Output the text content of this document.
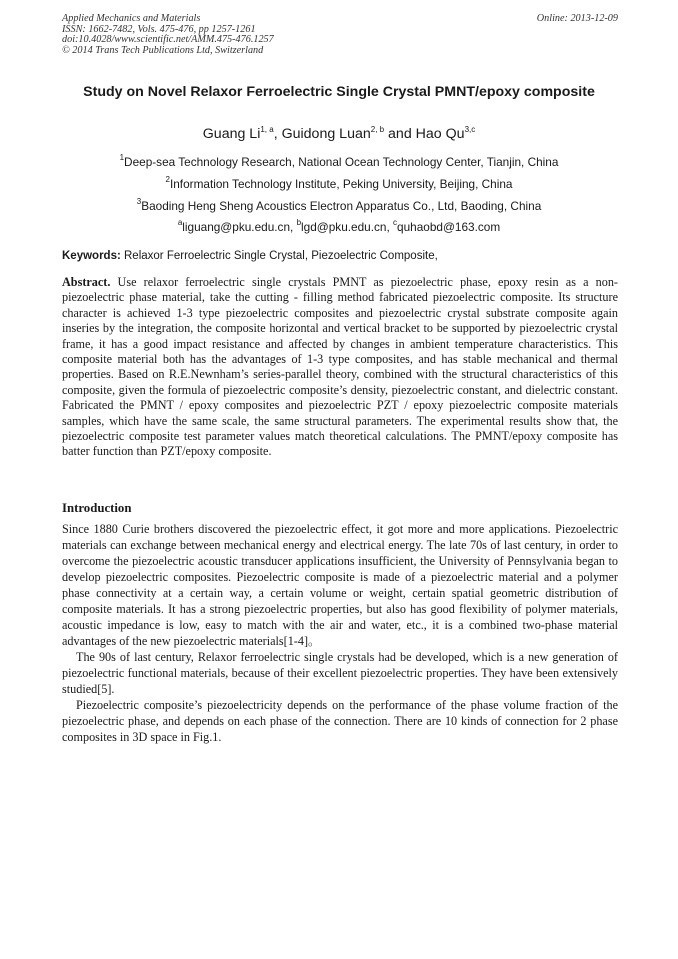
Applied Mechanics and Materials
ISSN: 1662-7482, Vols. 475-476, pp 1257-1261
doi:10.4028/www.scientific.net/AMM.475-476.1257
© 2014 Trans Tech Publications Ltd, Switzerland
Online: 2013-12-09
Study on Novel Relaxor Ferroelectric Single Crystal PMNT/epoxy composite
Guang Li$^{1, a}$, Guidong Luan$^{2, b}$ and Hao Qu$^{3,c}$
$^1$Deep-sea Technology Research, National Ocean Technology Center, Tianjin, China
$^2$Information Technology Institute, Peking University, Beijing, China
$^3$Baoding Heng Sheng Acoustics Electron Apparatus Co., Ltd, Baoding, China
$^a$liguang@pku.edu.cn, $^b$lgd@pku.edu.cn, $^c$quhaobd@163.com
Keywords: Relaxor Ferroelectric Single Crystal, Piezoelectric Composite,

Abstract. Use relaxor ferroelectric single crystals PMNT as piezoelectric phase, epoxy resin as a non-piezoelectric phase material, take the cutting - filling method fabricated piezoelectric composite. Its structure character is achieved 1-3 type piezoelectric composites and piezoelectric crystal substrate composite again inseries by the integration, the composite horizontal and vertical bracket to be supported by piezoelectric crystal frame, it has a good impact resistance and affected by changes in ambient temperature characteristics. This composite material both has the advantages of 1-3 type composites, and has stable mechanical and thermal properties. Based on R.E.Newnham’s series-parallel theory, combined with the structural characteristics of this composite, given the formula of piezoelectric composite’s density, piezoelectric constant, and dielectric constant. Fabricated the PMNT / epoxy composites and piezoelectric PZT / epoxy piezoelectric composite materials samples, which have the same scale, the same structural parameters. The experimental results show that, the piezoelectric composite test parameter values match theoretical calculations. The PMNT/epoxy composite has batter function than PZT/epoxy composite.

Introduction

Since 1880 Curie brothers discovered the piezoelectric effect, it got more and more applications. Piezoelectric materials can exchange between mechanical energy and electrical energy. The late 70s of last century, in order to overcome the piezoelectric acoustic transducer applications insufficient, the University of Pennsylvania began to develop piezoelectric composites. Piezoelectric composite is made of a piezoelectric material and a polymer phase connectivity at a certain way, a certain volume or weight, certain spatial geometric distribution of composite materials. It has a strong piezoelectric properties, but also has good flexibility of polymer materials, acoustic impedance is low, easy to match with the air and water, etc., it is a combined two-phase material advantages of the new piezoelectric materials[1-4]。

The 90s of last century, Relaxor ferroelectric single crystals had be developed, which is a new generation of piezoelectric functional materials, because of their excellent piezoelectric properties. They have been extensively studied[5].

Piezoelectric composite’s piezoelectricity depends on the performance of the phase volume fraction of the piezoelectric phase, and depends on each phase of the connection. There are 10 kinds of connection for 2 phase composites in 3D space in Fig.1.
